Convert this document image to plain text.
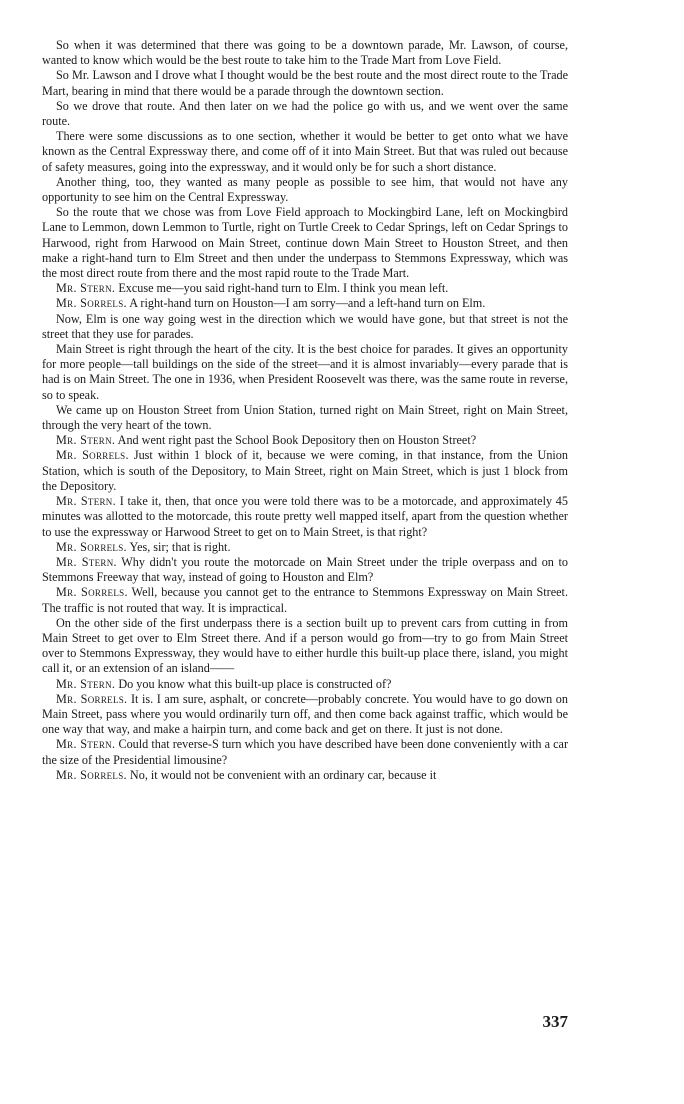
So when it was determined that there was going to be a downtown parade, Mr. Lawson, of course, wanted to know which would be the best route to take him to the Trade Mart from Love Field.

So Mr. Lawson and I drove what I thought would be the best route and the most direct route to the Trade Mart, bearing in mind that there would be a parade through the downtown section.

So we drove that route. And then later on we had the police go with us, and we went over the same route.

There were some discussions as to one section, whether it would be better to get onto what we have known as the Central Expressway there, and come off of it into Main Street. But that was ruled out because of safety measures, going into the expressway, and it would only be for such a short distance.

Another thing, too, they wanted as many people as possible to see him, that would not have any opportunity to see him on the Central Expressway.

So the route that we chose was from Love Field approach to Mockingbird Lane, left on Mockingbird Lane to Lemmon, down Lemmon to Turtle, right on Turtle Creek to Cedar Springs, left on Cedar Springs to Harwood, right from Harwood on Main Street, continue down Main Street to Houston Street, and then make a right-hand turn to Elm Street and then under the underpass to Stemmons Expressway, which was the most direct route from there and the most rapid route to the Trade Mart.

Mr. Stern. Excuse me—you said right-hand turn to Elm. I think you mean left.

Mr. Sorrels. A right-hand turn on Houston—I am sorry—and a left-hand turn on Elm.

Now, Elm is one way going west in the direction which we would have gone, but that street is not the street that they use for parades.

Main Street is right through the heart of the city. It is the best choice for parades. It gives an opportunity for more people—tall buildings on the side of the street—and it is almost invariably—every parade that is had is on Main Street. The one in 1936, when President Roosevelt was there, was the same route in reverse, so to speak.

We came up on Houston Street from Union Station, turned right on Main Street, right on Main Street, through the very heart of the town.

Mr. Stern. And went right past the School Book Depository then on Houston Street?

Mr. Sorrels. Just within 1 block of it, because we were coming, in that instance, from the Union Station, which is south of the Depository, to Main Street, right on Main Street, which is just 1 block from the Depository.

Mr. Stern. I take it, then, that once you were told there was to be a motorcade, and approximately 45 minutes was allotted to the motorcade, this route pretty well mapped itself, apart from the question whether to use the expressway or Harwood Street to get on to Main Street, is that right?

Mr. Sorrels. Yes, sir; that is right.

Mr. Stern. Why didn't you route the motorcade on Main Street under the triple overpass and on to Stemmons Freeway that way, instead of going to Houston and Elm?

Mr. Sorrels. Well, because you cannot get to the entrance to Stemmons Expressway on Main Street. The traffic is not routed that way. It is impractical.

On the other side of the first underpass there is a section built up to prevent cars from cutting in from Main Street to get over to Elm Street there. And if a person would go from—try to go from Main Street over to Stemmons Expressway, they would have to either hurdle this built-up place there, island, you might call it, or an extension of an island——

Mr. Stern. Do you know what this built-up place is constructed of?

Mr. Sorrels. It is. I am sure, asphalt, or concrete—probably concrete. You would have to go down on Main Street, pass where you would ordinarily turn off, and then come back against traffic, which would be one way that way, and make a hairpin turn, and come back and get on there. It just is not done.

Mr. Stern. Could that reverse-S turn which you have described have been done conveniently with a car the size of the Presidential limousine?

Mr. Sorrels. No, it would not be convenient with an ordinary car, because it

337
